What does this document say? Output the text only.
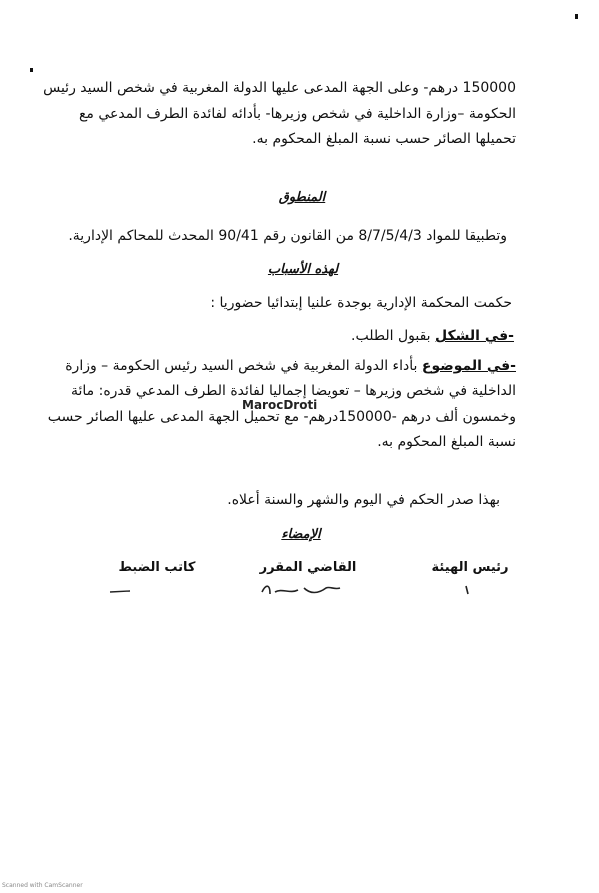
150000 درهم- وعلى الجهة المدعى عليها الدولة المغربية في شخص السيد رئيس
الحكومة –وزارة الداخلية في شخص وزيرها- بأدائه لفائدة الطرف المدعي مع
تحميلها الصائر حسب نسبة المبلغ المحكوم به.
المنطوق
وتطبيقا للمواد 8/7/5/4/3 من القانون رقم 90/41 المحدث للمحاكم الإدارية.
لهذه الأسباب
حكمت المحكمة الإدارية بوجدة علنيا إبتدائيا حضوريا :
-في الشكل بقبول الطلب.
-في الموضوع بأداء الدولة المغربية في شخص السيد رئيس الحكومة – وزارة
الداخلية في شخص وزيرها – تعويضا إجماليا لفائدة الطرف المدعي قدره: مائة
وخمسون ألف درهم -150000درهم- مع تحميل الجهة المدعى عليها الصائر حسب
نسبة المبلغ المحكوم به.
MarocDroti
بهذا صدر الحكم في اليوم والشهر والسنة أعلاه.
الإمضاء
رئيس الهيئة
القاضي المقرر
كاتب الضبط
Scanned with CamScanner
